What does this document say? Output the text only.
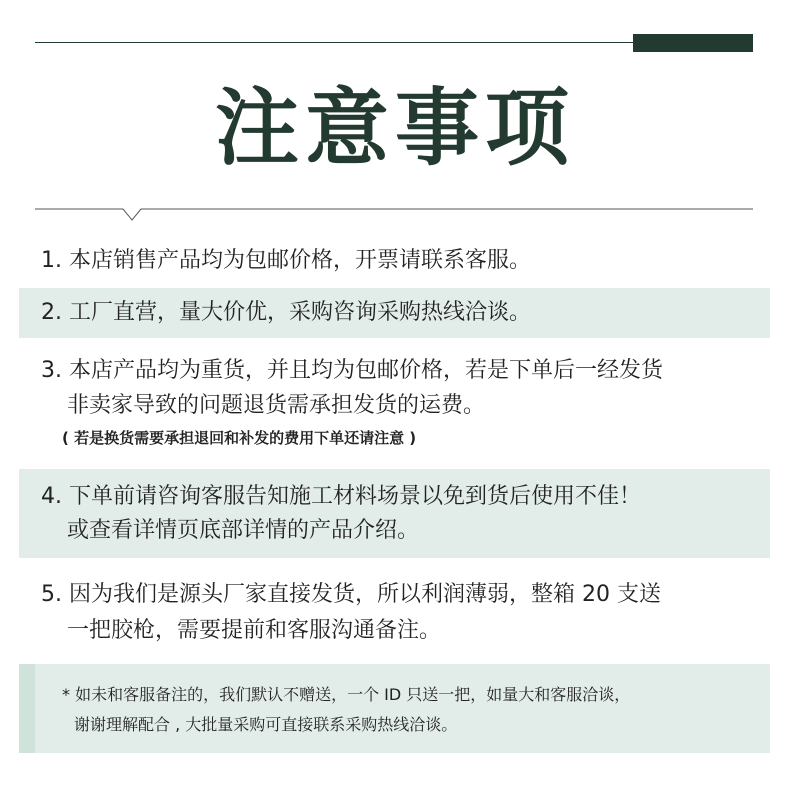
注意事项
1. 本店销售产品均为包邮价格，开票请联系客服。
2. 工厂直营，量大价优，采购咨询采购热线洽谈。
3. 本店产品均为重货，并且均为包邮价格，若是下单后一经发货
非卖家导致的问题退货需承担发货的运费。
( 若是换货需要承担退回和补发的费用下单还请注意 )
4. 下单前请咨询客服告知施工材料场景以免到货后使用不佳！
或查看详情页底部详情的产品介绍。
5. 因为我们是源头厂家直接发货，所以利润薄弱，整箱 20 支送
一把胶枪，需要提前和客服沟通备注。
* 如未和客服备注的，我们默认不赠送，一个 ID 只送一把，如量大和客服洽谈，
谢谢理解配合 , 大批量采购可直接联系采购热线洽谈。
